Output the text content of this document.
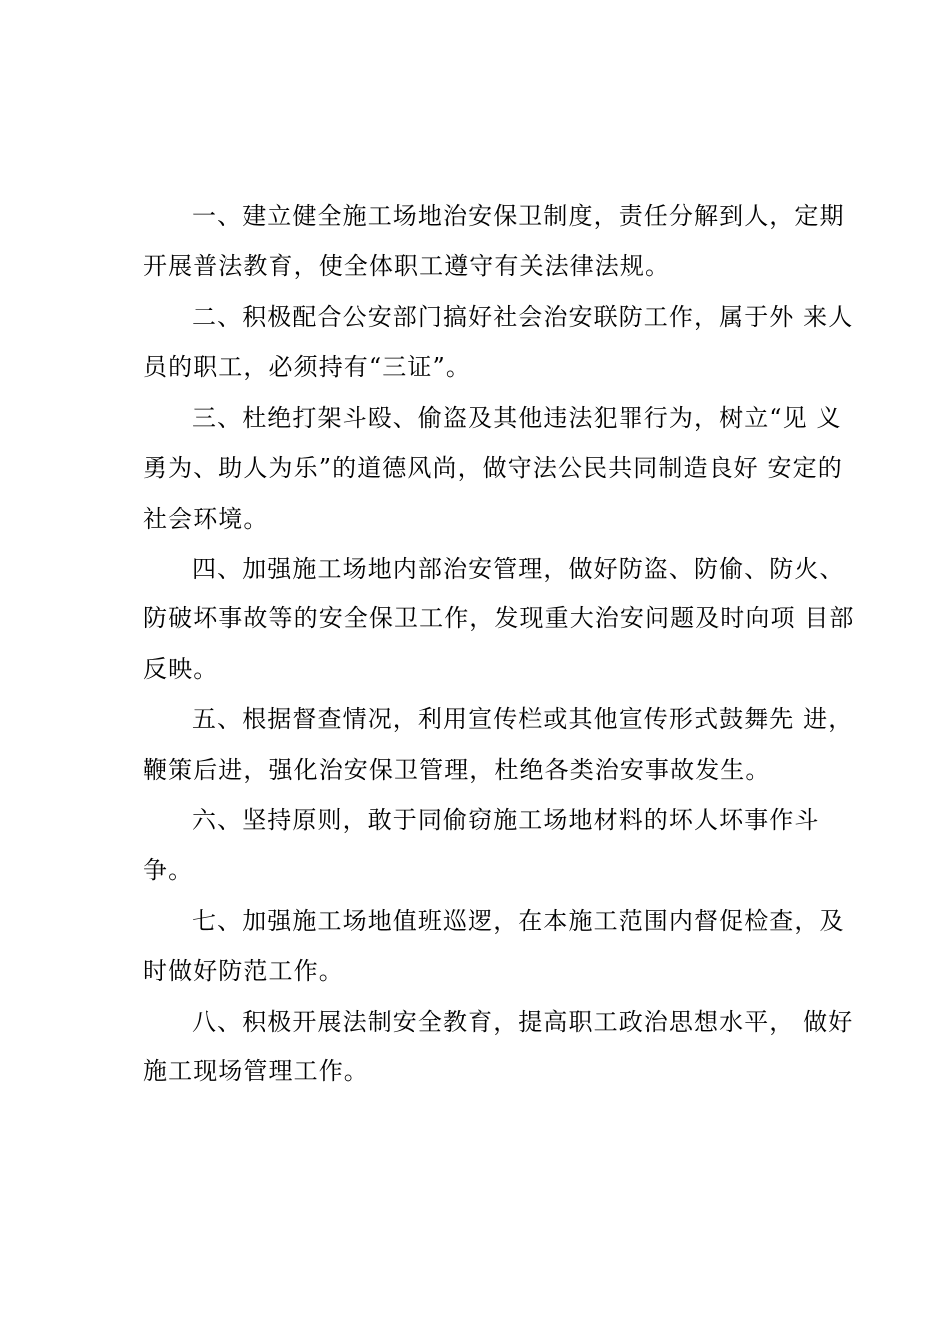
一、建立健全施工场地治安保卫制度，责任分解到人，定期
开展普法教育，使全体职工遵守有关法律法规。
二、积极配合公安部门搞好社会治安联防工作，属于外 来人
员的职工，必须持有“三证”。
三、杜绝打架斗殴、偷盗及其他违法犯罪行为，树立“见 义
勇为、助人为乐”的道德风尚，做守法公民共同制造良好 安定的
社会环境。
四、加强施工场地内部治安管理，做好防盗、防偷、防火、
防破坏事故等的安全保卫工作，发现重大治安问题及时向项 目部
反映。
五、根据督查情况，利用宣传栏或其他宣传形式鼓舞先 进，
鞭策后进，强化治安保卫管理，杜绝各类治安事故发生。
六、坚持原则，敢于同偷窃施工场地材料的坏人坏事作斗
争。
七、加强施工场地值班巡逻，在本施工范围内督促检查，及
时做好防范工作。
八、积极开展法制安全教育，提高职工政治思想水平， 做好
施工现场管理工作。
